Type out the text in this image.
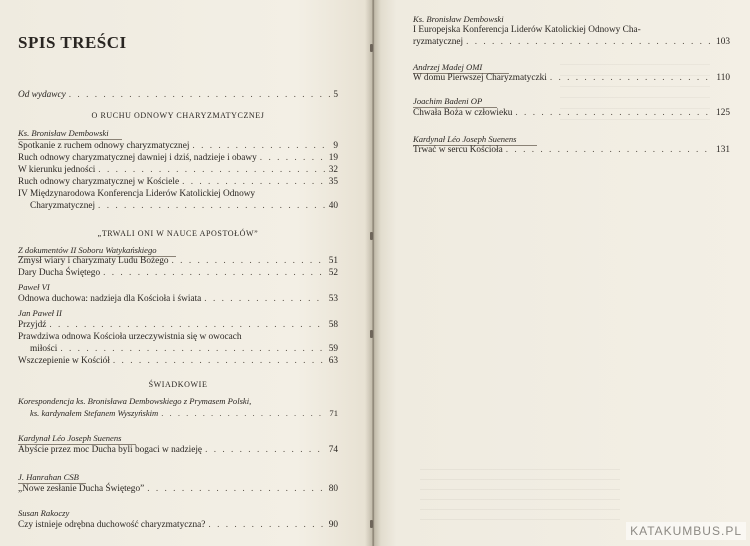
SPIS TREŚCI
Od wydawcy . . .	5
O RUCHU ODNOWY CHARYZMATYCZNEJ
Ks. Bronisław Dembowski
Spotkanie z ruchem odnowy charyzmatycznej . . .	9
Ruch odnowy charyzmatycznej dawniej i dziś, nadzieje i obawy . . .	19
W kierunku jedności . . .	32
Ruch odnowy charyzmatycznej w Kościele . . .	35
IV Międzynarodowa Konferencja Liderów Katolickiej Odnowy
Charyzmatycznej . . .	40
„TRWALI ONI W NAUCE APOSTOŁÓW”
Z dokumentów II Soboru Watykańskiego
Zmysł wiary i charyzmaty Ludu Bożego . . .	51
Dary Ducha Świętego . . .	52
Paweł VI
Odnowa duchowa: nadzieja dla Kościoła i świata . . .	53
Jan Paweł II
Przyjdź . . .	58
Prawdziwa odnowa Kościoła urzeczywistnia się w owocach
miłości . . .	59
Wszczepienie w Kościół . . .	63
ŚWIADKOWIE
Korespondencja ks. Bronisława Dembowskiego z Prymasem Polski,
ks. kardynałem Stefanem Wyszyńskim . . .	71
Kardynał Léo Joseph Suenens
Abyście przez moc Ducha byli bogaci w nadzieję . . .	74
J. Hanrahan CSB
„Nowe zesłanie Ducha Świętego” . . .	80
Susan Rakoczy
Czy istnieje odrębna duchowość charyzmatyczna? . . .	90
Ks. Bronisław Dembowski
I Europejska Konferencja Liderów Katolickiej Odnowy Cha-
ryzmatycznej . . .	103
Andrzej Madej OMI
W domu Pierwszej Charyzmatyczki . . .	110
Joachim Badeni OP
Chwała Boża w człowieku . . .	125
Kardynał Léo Joseph Suenens
Trwać w sercu Kościoła . . .	131
KATAKUMBUS.PL
